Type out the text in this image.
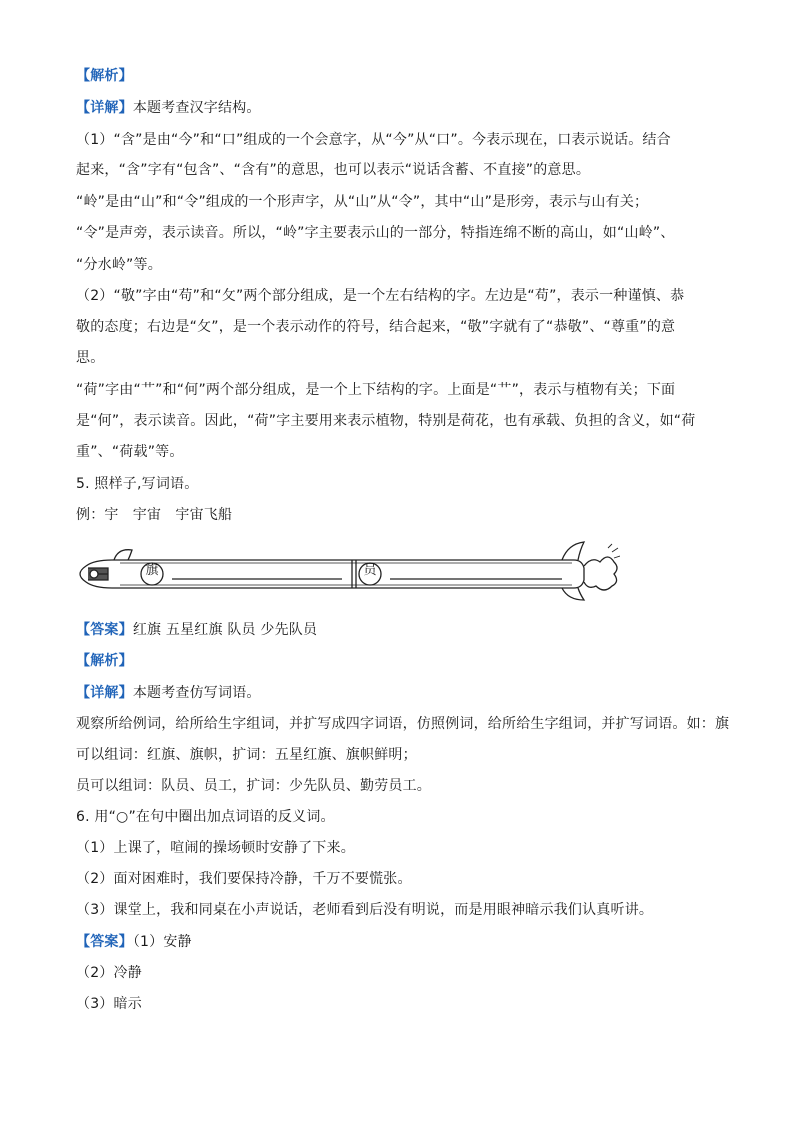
【解析】
【详解】本题考查汉字结构。
（1）“含”是由“今”和“口”组成的一个会意字，从“今”从“口”。今表示现在，口表示说话。结合
起来，“含”字有“包含”、“含有”的意思，也可以表示“说话含蓄、不直接”的意思。
“岭”是由“山”和“令”组成的一个形声字，从“山”从“令”，其中“山”是形旁，表示与山有关；
“令”是声旁，表示读音。所以，“岭”字主要表示山的一部分，特指连绵不断的高山，如“山岭”、
“分水岭”等。
（2）“敬”字由“苟”和“攵”两个部分组成，是一个左右结构的字。左边是“苟”，表示一种谨慎、恭
敬的态度；右边是“攵”，是一个表示动作的符号，结合起来，“敬”字就有了“恭敬”、“尊重”的意
思。
“荷”字由“艹”和“何”两个部分组成，是一个上下结构的字。上面是“艹”，表示与植物有关；下面
是“何”，表示读音。因此，“荷”字主要用来表示植物，特别是荷花，也有承载、负担的含义，如“荷
重”、“荷载”等。
5. 照样子,写词语。
例：宇　宇宙　宇宙飞船
旗	员
【答案】红旗 五星红旗 队员 少先队员
【解析】
【详解】本题考查仿写词语。
观察所给例词，给所给生字组词，并扩写成四字词语，仿照例词，给所给生字组词，并扩写词语。如：旗
可以组词：红旗、旗帜，扩词：五星红旗、旗帜鲜明；
员可以组词：队员、员工，扩词：少先队员、勤劳员工。
6. 用“○”在句中圈出加点词语的反义词。
（1）上课了，喧闹的操场顿时安静了下来。
（2）面对困难时，我们要保持冷静，千万不要慌张。
（3）课堂上，我和同桌在小声说话，老师看到后没有明说，而是用眼神暗示我们认真听讲。
【答案】（1）安静
（2）冷静
（3）暗示
